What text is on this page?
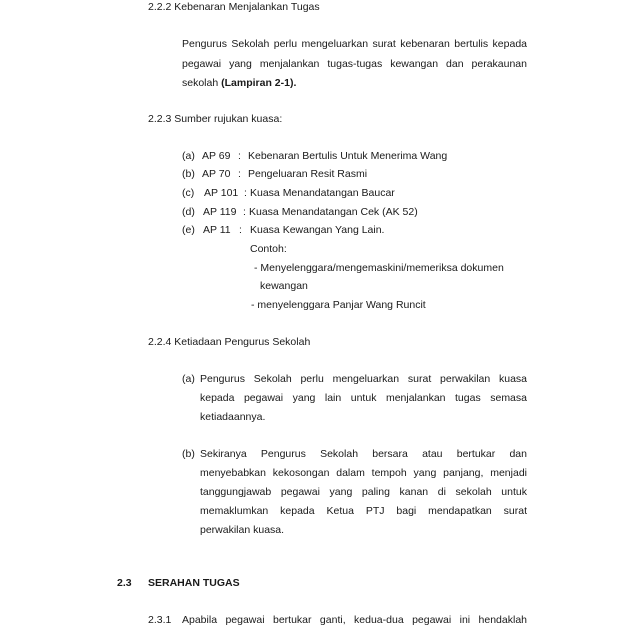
2.2.2 Kebenaran Menjalankan Tugas
Pengurus Sekolah perlu mengeluarkan surat kebenaran bertulis kepada
pegawai yang menjalankan tugas-tugas kewangan dan perakaunan
sekolah (Lampiran 2-1).
2.2.3 Sumber rujukan kuasa:
(a) AP 69 : Kebenaran Bertulis Untuk Menerima Wang
(b) AP 70 : Pengeluaran Resit Rasmi
(c) AP 101 : Kuasa Menandatangan Baucar
(d) AP 119 : Kuasa Menandatangan Cek (AK 52)
(e) AP 11 : Kuasa Kewangan Yang Lain.
Contoh:
- Menyelenggara/mengemaskini/memeriksa dokumen
kewangan
- menyelenggara Panjar Wang Runcit
2.2.4 Ketiadaan Pengurus Sekolah
(a) Pengurus Sekolah perlu mengeluarkan surat perwakilan kuasa
kepada pegawai yang lain untuk menjalankan tugas semasa
ketiadaannya.
(b) Sekiranya Pengurus Sekolah bersara atau bertukar dan
menyebabkan kekosongan dalam tempoh yang panjang, menjadi
tanggungjawab pegawai yang paling kanan di sekolah untuk
memaklumkan kepada Ketua PTJ bagi mendapatkan surat
perwakilan kuasa.
2.3 SERAHAN TUGAS
2.3.1 Apabila pegawai bertukar ganti, kedua-dua pegawai ini hendaklah
